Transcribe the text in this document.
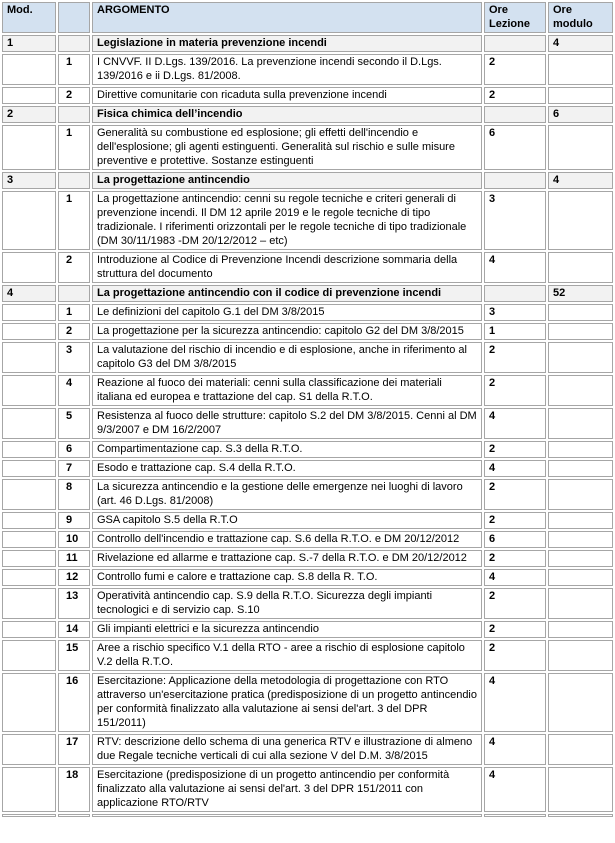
Mod.		ARGOMENTO	Ore Lezione	Ore modulo
1		Legislazione in materia prevenzione incendi		4
	1	I CNVVF. II D.Lgs. 139/2016. La prevenzione incendi secondo il D.Lgs. 139/2016 e ii D.Lgs. 81/2008.	2	
	2	Direttive comunitarie con ricaduta sulla prevenzione incendi	2	
2		Fisica chimica dell’incendio		6
	1	Generalità su combustione ed esplosione; gli effetti dell'incendio e dell'esplosione; gli agenti estinguenti. Generalità sul rischio e sulle misure preventive e protettive. Sostanze estinguenti	6	
3		La progettazione antincendio		4
	1	La progettazione antincendio: cenni su regole tecniche e criteri generali di prevenzione incendi. Il DM 12 aprile 2019 e le regole tecniche di tipo tradizionale. I riferimenti orizzontali per le regole tecniche di tipo tradizionale (DM 30/11/1983 -DM 20/12/2012 – etc)	3	
	2	Introduzione al Codice di Prevenzione Incendi descrizione sommaria della struttura del documento	4	
4		La progettazione antincendio con il codice di prevenzione incendi		52
	1	Le definizioni del capitolo G.1 del DM 3/8/2015	3	
	2	La progettazione per la sicurezza antincendio: capitolo G2 del DM 3/8/2015	1	
	3	La valutazione del rischio di incendio e di esplosione, anche in riferimento al capitolo G3 del DM 3/8/2015	2	
	4	Reazione al fuoco dei materiali: cenni sulla classificazione dei materiali italiana ed europea e trattazione del cap. S1 della R.T.O.	2	
	5	Resistenza al fuoco delle strutture: capitolo S.2 del DM 3/8/2015. Cenni al DM 9/3/2007 e DM 16/2/2007	4	
	6	Compartimentazione cap. S.3 della R.T.O.	2	
	7	Esodo e trattazione cap. S.4 della R.T.O.	4	
	8	La sicurezza antincendio e la gestione delle emergenze nei luoghi di lavoro (art. 46 D.Lgs. 81/2008)	2	
	9	GSA capitolo S.5 della R.T.O	2	
	10	Controllo dell'incendio e trattazione cap. S.6 della R.T.O. e DM 20/12/2012	6	
	11	Rivelazione ed allarme e trattazione cap. S.-7 della R.T.O. e DM 20/12/2012	2	
	12	Controllo fumi e calore e trattazione cap. S.8 della R. T.O.	4	
	13	Operatività antincendio cap. S.9 della R.T.O. Sicurezza degli impianti tecnologici e di servizio cap. S.10	2	
	14	Gli impianti elettrici e la sicurezza antincendio	2	
	15	Aree a rischio specifico V.1 della RTO - aree a rischio di esplosione capitolo V.2 della R.T.O.	2	
	16	Esercitazione: Applicazione della metodologia di progettazione con RTO attraverso un'esercitazione pratica (predisposizione di un progetto antincendio per conformità finalizzato alla valutazione ai sensi del'art. 3 del DPR 151/2011)	4	
	17	RTV: descrizione dello schema di una generica RTV e illustrazione di almeno due Regale tecniche verticali di cui alla sezione V del D.M. 3/8/2015	4	
	18	Esercitazione (predisposizione di un progetto antincendio per conformità finalizzato alla valutazione ai sensi del'art. 3 del DPR 151/2011 con applicazione RTO/RTV	4	
